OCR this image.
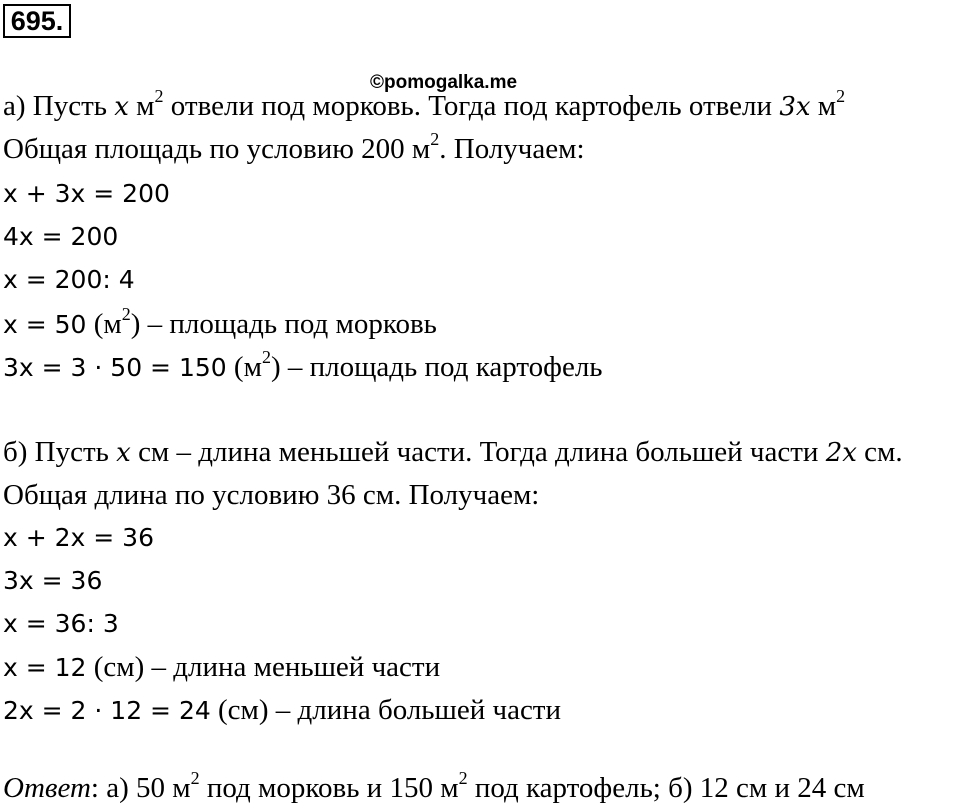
695.
©pomogalka.me
а) Пусть x $м^2$ отвели под морковь. Тогда под картофель отвели 3x $м^2$
Общая площадь по условию 200 $м^2$. Получаем:
x + 3x = 200
4x = 200
x = 200: 4
x = 50 $(м^2)$ – площадь под морковь
3x = 3 · 50 = 150 $(м^2)$ – площадь под картофель
б) Пусть x см – длина меньшей части. Тогда длина большей части 2x см.
Общая длина по условию 36 см. Получаем:
x + 2x = 36
3x = 36
x = 36: 3
x = 12 (см) – длина меньшей части
2x = 2 · 12 = 24 (см) – длина большей части
Ответ: а) 50 $м^2$ под морковь и 150 $м^2$ под картофель; б) 12 см и 24 см
